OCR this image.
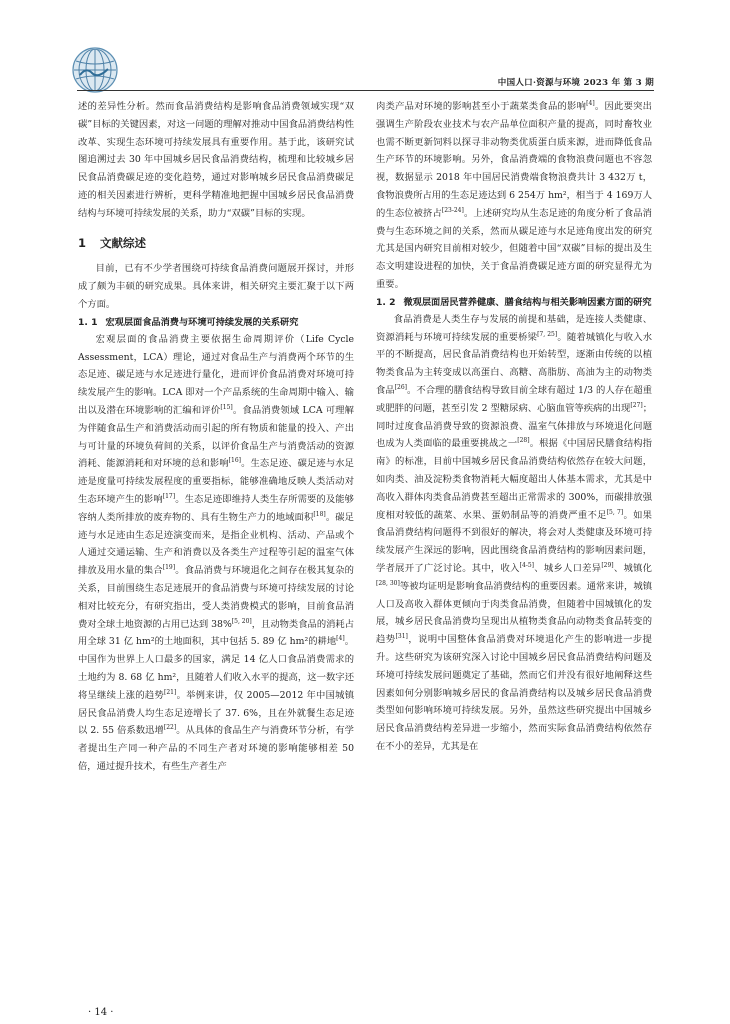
中国人口·资源与环境 2023 年 第 3 期

述的差异性分析。然而食品消费结构是影响食品消费领域实现“双碳”目标的关键因素，对这一问题的理解对推动中国食品消费结构性改革、实现生态环境可持续发展具有重要作用。基于此，该研究试图追溯过去 30 年中国城乡居民食品消费结构，梳理和比较城乡居民食品消费碳足迹的变化趋势，通过对影响城乡居民食品消费碳足迹的相关因素进行辨析，更科学精准地把握中国城乡居民食品消费结构与环境可持续发展的关系，助力“双碳”目标的实现。

1 文献综述

目前，已有不少学者围绕可持续食品消费问题展开探讨，并形成了颇为丰硕的研究成果。具体来讲，相关研究主要汇聚于以下两个方面。

1. 1 宏观层面食品消费与环境可持续发展的关系研究

宏观层面的食品消费主要依据生命周期评价（Life Cycle Assessment，LCA）理论，通过对食品生产与消费两个环节的生态足迹、碳足迹与水足迹进行量化，进而评价食品消费对环境可持续发展产生的影响。LCA 即对一个产品系统的生命周期中输入、输出以及潜在环境影响的汇编和评价[15]。食品消费领域 LCA 可理解为伴随食品生产和消费活动而引起的所有物质和能量的投入、产出与可计量的环境负荷间的关系，以评价食品生产与消费活动的资源消耗、能源消耗和对环境的总和影响[16]。生态足迹、碳足迹与水足迹是度量可持续发展程度的重要指标，能够准确地反映人类活动对生态环境产生的影响[17]。生态足迹即维持人类生存所需要的及能够容纳人类所排放的废弃物的、具有生物生产力的地域面积[18]。碳足迹与水足迹由生态足迹演变而来，是指企业机构、活动、产品或个人通过交通运输、生产和消费以及各类生产过程等引起的温室气体排放及用水量的集合[19]。食品消费与环境退化之间存在极其复杂的关系，目前围绕生态足迹展开的食品消费与环境可持续发展的讨论相对比较充分，有研究指出，受人类消费模式的影响，目前食品消费对全球土地资源的占用已达到 38%[5, 20]，且动物类食品的消耗占用全球 31 亿 hm²的土地面积，其中包括 5. 89 亿 hm²的耕地[4]。中国作为世界上人口最多的国家，满足 14 亿人口食品消费需求的土地约为 8. 68 亿 hm²，且随着人们收入水平的提高，这一数字还将呈继续上涨的趋势[21]。举例来讲，仅 2005—2012 年中国城镇居民食品消费人均生态足迹增长了 37. 6%，且在外就餐生态足迹以 2. 55 倍系数迅增[22]。从具体的食品生产与消费环节分析，有学者提出生产同一种产品的不同生产者对环境的影响能够相差 50 倍，通过提升技术，有些生产者生产

肉类产品对环境的影响甚至小于蔬菜类食品的影响[4]。因此要突出强调生产阶段农业技术与农产品单位面积产量的提高，同时畜牧业也需不断更新饲料以探寻非动物类优质蛋白质来源，进而降低食品生产环节的环境影响。另外，食品消费端的食物浪费问题也不容忽视，数据显示 2018 年中国居民消费端食物浪费共计 3 432万 t，食物浪费所占用的生态足迹达到 6 254万 hm²，相当于 4 169万人的生态位被挤占[23-24]。上述研究均从生态足迹的角度分析了食品消费与生态环境之间的关系，然而从碳足迹与水足迹角度出发的研究尤其是国内研究目前相对较少，但随着中国“双碳”目标的提出及生态文明建设进程的加快，关于食品消费碳足迹方面的研究显得尤为重要。

1. 2 微观层面居民营养健康、膳食结构与相关影响因素方面的研究

食品消费是人类生存与发展的前提和基础，是连接人类健康、资源消耗与环境可持续发展的重要桥梁[7, 25]。随着城镇化与收入水平的不断提高，居民食品消费结构也开始转型，逐渐由传统的以植物类食品为主转变成以高蛋白、高糖、高脂肪、高油为主的动物类食品[26]。不合理的膳食结构导致目前全球有超过 1/3 的人存在超重或肥胖的问题，甚至引发 2 型糖尿病、心脑血管等疾病的出现[27]；同时过度食品消费导致的资源浪费、温室气体排放与环境退化问题也成为人类面临的最重要挑战之一[28]。根据《中国居民膳食结构指南》的标准，目前中国城乡居民食品消费结构依然存在较大问题，如肉类、油及淀粉类食物消耗大幅度超出人体基本需求，尤其是中高收入群体肉类食品消费甚至超出正常需求的 300%，而碳排放强度相对较低的蔬菜、水果、蛋奶制品等的消费严重不足[5, 7]。如果食品消费结构问题得不到很好的解决，将会对人类健康及环境可持续发展产生深远的影响，因此围绕食品消费结构的影响因素问题，学者展开了广泛讨论。其中，收入[4-5]、城乡人口差异[29]、城镇化[28, 30]等被均证明是影响食品消费结构的重要因素。通常来讲，城镇人口及高收入群体更倾向于肉类食品消费，但随着中国城镇化的发展，城乡居民食品消费均呈现出从植物类食品向动物类食品转变的趋势[31]，说明中国整体食品消费对环境退化产生的影响进一步提升。这些研究为该研究深入讨论中国城乡居民食品消费结构问题及环境可持续发展问题奠定了基础，然而它们并没有很好地阐释这些因素如何分别影响城乡居民的食品消费结构以及城乡居民食品消费类型如何影响环境可持续发展。另外，虽然这些研究提出中国城乡居民食品消费结构差异进一步缩小，然而实际食品消费结构依然存在不小的差异，尤其是在

· 14 ·
